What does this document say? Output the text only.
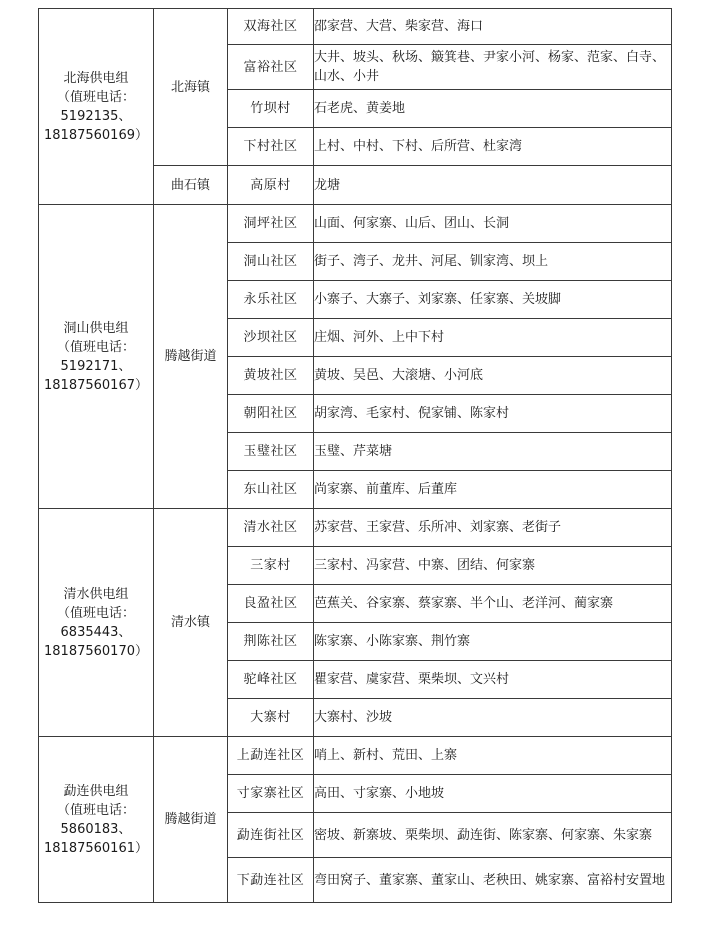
北海供电组
（值班电话：
5192135、
18187560169）	北海镇	双海社区	邵家营、大营、柴家营、海口
		富裕社区	大井、坡头、秋场、簸箕巷、尹家小河、杨家、范家、白寺、山水、小井
		竹坝村	石老虎、黄姜地
		下村社区	上村、中村、下村、后所营、杜家湾
	曲石镇	高原村	龙塘

洞山供电组
（值班电话：
5192171、
18187560167）	腾越街道	洞坪社区	山面、何家寨、山后、团山、长洞
		洞山社区	街子、湾子、龙井、河尾、钏家湾、坝上
		永乐社区	小寨子、大寨子、刘家寨、任家寨、关坡脚
		沙坝社区	庄烟、河外、上中下村
		黄坡社区	黄坡、吴邑、大滚塘、小河底
		朝阳社区	胡家湾、毛家村、倪家铺、陈家村
		玉璧社区	玉璧、芹菜塘
		东山社区	尚家寨、前董库、后董库

清水供电组
（值班电话：
6835443、
18187560170）	清水镇	清水社区	苏家营、王家营、乐所冲、刘家寨、老街子
		三家村	三家村、冯家营、中寨、团结、何家寨
		良盈社区	芭蕉关、谷家寨、蔡家寨、半个山、老洋河、蔺家寨
		荆陈社区	陈家寨、小陈家寨、荆竹寨
		驼峰社区	瞿家营、虞家营、栗柴坝、文兴村
		大寨村	大寨村、沙坡

勐连供电组
（值班电话：
5860183、
18187560161）	腾越街道	上勐连社区	哨上、新村、荒田、上寨
		寸家寨社区	高田、寸家寨、小地坡
		勐连街社区	密坡、新寨坡、栗柴坝、勐连街、陈家寨、何家寨、朱家寨
		下勐连社区	弯田窝子、董家寨、董家山、老秧田、姚家寨、富裕村安置地
